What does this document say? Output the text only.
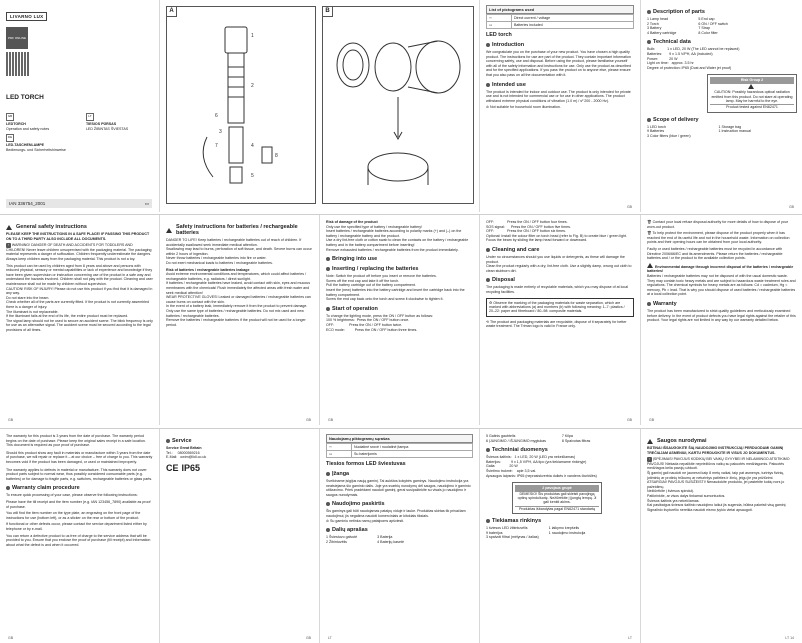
LIVARNO LUX
PDF ONLINE
LED TORCH
GB
LEDTORCH
Operation and safety notes
DE
LED-TASCHENLAMPE
Bedienungs- und Sicherheitshinweise
LT
TIESIOS PŪRSAS
LED ŽIBINTAS ŠVIESTAS
IAN 336754_2001	▭
A
1
2
4
5
7
8
6
3
B	List of pictograms used
⎓	Direct current / voltage
▭	Batteries included
LED torch
Introduction
We congratulate you on the purchase of your new product. You have chosen a high quality product. The instructions for use are part of the product. They contain important information concerning safety, use and disposal. Before using the product, please familiarise yourself with all of the safety information and instructions for use. Only use the product as described and for the specified applications. If you pass the product on to anyone else, please ensure that you also pass on all the documentation with it.
Intended use
The product is intended for indoor and outdoor use. The product is only intended for private use and is not intended for commercial use or for use in other applications. The product withstand extreme physical conditions of vibration (1.0 m) / s² 200 - 2000 Hz).
⊘ Not suitable for household room illumination.
GB
Description of parts
1 Lamp head
2 Torch
3 Battery
4 Battery cartridge
5 End cap
6 ON / OFF switch
7 Strap
8 Color filter
Technical data
Bulb:            1 x LED, 20 W (The LED cannot be replaced)
Batteries:       9 x 1.5 V/PH, AA (included)
Power:           20 W
Light on time:   approx. 3.5 hr
Degree of protection: IP65 (Dust and Water jet proof)
Risk Group 2
CAUTION: Possibly hazardous optical radiation emitted from this product. Do not stare at operating lamp. May be harmful to the eye.
Product tested against EN62471
Scope of delivery
1 LED torch
9 Batteries
3 Color filters (blue / green)
1 Storage bag
1 Instruction manual
GB
General safety instructions
PLEASE KEEP THE INSTRUCTIONS IN A SAFE PLACE! IF PASSING THIS PRODUCT ON TO A THIRD PARTY ALSO INCLUDE ALL DOCUMENTS.
! WARNING! DANGER OF DEATH AND ACCIDENTS FOR TODDLERS AND CHILDREN! Never leave children unsupervised with the packaging material. The packaging material represents a danger of suffocation. Children frequently underestimate the dangers. Always keep children away from the packaging material. This product is not a toy.
This product can be used by children aged from 8 years and above and persons with reduced physical, sensory or mental capabilities or lack of experience and knowledge if they have been given supervision or instruction concerning use of the product in a safe way and understand the hazards involved. Children shall not play with the product. Cleaning and user maintenance shall not be made by children without supervision.
CAUTION! RISK OF INJURY! Please do not use this product if you find that it is damaged in any way.
Do not stare into the beam.
Check whether all of the parts are currently fitted. If the product is not currently assembled there is a danger of injury.
The illuminant is not replaceable.
If the illuminant fails at the end of its life, the entire product must be replaced.
The signal lamp should not be used to secure an accident scene. The blink frequency is only for use as an alternative signal. The accident scene must be secured according to the legal provisions of all times.
GB
Safety instructions for batteries / rechargeable batteries
DANGER TO LIFE! Keep batteries / rechargeable batteries out of reach of children. If accidentally swallowed seek immediate medical attention.
Swallowing may lead to burns, perforation of soft tissue, and death. Severe burns can occur within 2 hours of ingestion.
Never throw batteries / rechargeable batteries into fire or water.
Do not exert mechanical loads to batteries / rechargeable batteries.
Risk of batteries / rechargeable batteries leakage
Avoid extreme environmental conditions and temperatures, which could affect batteries / rechargeable batteries, e.g. radiators / direct sunlight.
If batteries / rechargeable batteries have leaked, avoid contact with skin, eyes and mucous membranes with the chemicals! Flush immediately the affected areas with fresh water and seek medical attention!
WEAR PROTECTIVE GLOVES! Leaked or damaged batteries / rechargeable batteries can cause burns on contact with the skin.
In the event of a battery leak, immediately remove it from the product to prevent damage.
Only use the same type of batteries / rechargeable batteries. Do not mix used and new batteries / rechargeable batteries.
Remove the batteries / rechargeable batteries if the product will not be used for a longer period.
GB
Risk of damage of the product
Only use the specified type of battery / rechargeable battery!
Insert batteries / rechargeable batteries according to polarity marks (+) and (–) on the battery / rechargeable battery and the product.
Use a dry lint-free cloth or cotton swab to clean the contacts on the battery / rechargeable battery and in the battery compartment before inserting!
Remove exhausted batteries / rechargeable batteries from the product immediately.
Bringing into use
Inserting / replacing the batteries
Note: Switch the product off before you insert or remove the batteries.
Screw off the end cap and take it off the torch.
Pull the battery cartridge out of the battery compartment.
Insert the (new) batteries into the battery cartridge and insert the cartridge back into the battery compartment.
Screw the end cap back onto the torch and screw it clockwise to tighten it.
Start of operation
To change the lighting mode, press the ON / OFF button as follows:
100 % brightness:  Press the ON / OFF button once.
OFF:               Press the ON / OFF button twice.
ECO mode:          Press the ON / OFF button three times.
GB
OFF:             Press the ON / OFF button four times.
SOS signal:      Press the ON / OFF button five times.
OFF:             Press the ON / OFF button six times.
Optional: Install the colour filter on torch head (refer to Fig. B) to create blue / green light.
Focus the beam by sliding the lamp head forward or downward.
Cleaning and care
Under no circumstances should you use liquids or detergents, as these will damage the product.
Clean the product regularly with a dry, lint-free cloth. Use a slightly damp, wrung out cloth to clean stubborn dirt.
Disposal
The packaging is made entirely of recyclable materials, which you may dispose of at local recycling facilities.
♻ Observe the marking of the packaging materials for waste separation, which are marked with abbreviations (a) and numbers (b) with following meaning: 1–7: plastics / 20–22: paper and fibreboard / 80–98: composite materials.
⟲ The product and packaging materials are recyclable, dispose of it separately for better waste treatment. The Triman logo is valid in France only.
GB
🗑 Contact your local refuse disposal authority for more details of how to dispose of your worn-out product.
🗑 To help protect the environment, please dispose of the product properly when it has reached the end of its useful life and not in the household waste. Information on collection points and their opening hours can be obtained from your local authority.
Faulty or used batteries / rechargeable batteries must be recycled in accordance with Directive 2006/66/EC and its amendments. Please return the batteries / rechargeable batteries and / or the product to the available collection points.
Environmental damage through incorrect disposal of the batteries / rechargeable batteries!
Batteries / rechargeable batteries may not be disposed of with the usual domestic waste. They may contain toxic heavy metals and are subject to hazardous waste treatment rules and regulations. The chemical symbols for heavy metals are as follows: Cd = cadmium, Hg = mercury, Pb = lead. That is why you should dispose of used batteries / rechargeable batteries at a local collection point.
Warranty
The product has been manufactured to strict quality guidelines and meticulously examined before delivery. In the event of product defects you have legal rights against the retailer of this product. Your legal rights are not limited in any way by our warranty detailed below.
GB
The warranty for this product is 3 years from the date of purchase. The warranty period begins on the date of purchase. Please keep the original sales receipt in a safe location. This document is required as your proof of purchase.
Should this product show any fault in materials or manufacture within 3 years from the date of purchase, we will repair or replace it – at our choice – free of charge to you. This warranty becomes void if the product has been damaged, or used or maintained improperly.
The warranty applies to defects in material or manufacture. This warranty does not cover product parts subject to normal wear, thus possibly considered consumable parts (e.g. batteries) or for damage to fragile parts, e.g. switches, rechargeable batteries or glass parts.
Warranty claim procedure
To ensure quick processing of your case, please observe the following instructions:
Please have the till receipt and the item number (e.g. IAN 123456_7890) available as proof of purchase.
You will find the item number on the type plate, an engraving on the front page of the instructions for use (bottom left), or as a sticker on the rear or bottom of the product.
If functional or other defects occur, please contact the service department listed either by telephone or by e-mail.
You can return a defective product to us free of charge to the service address that will be provided to you. Ensure that you enclose the proof of purchase (till receipt) and information about what the defect is and when it occurred.
GB
Service
Service Great Britain
Tel.:     08000569216
E-Mail:   owim@lidl.co.uk
CE IP65
GB
Naudojamų piktogramų sąrašas
⎓	Nuolatinė srovė / nuolatinė įtampa
▭	Su baterijomis
Tiesios formos LED šviestuvas
Įžanga
Sveikiname įsigijus naują gaminį. Tai aukštos kokybės gaminys. Naudojimo instrukcija yra neatsiejama šio gaminio dalis. Joje yra svarbių nurodymų dėl saugos, naudojimo ir gaminio utilizavimo. Prieš pradėdami naudoti gaminį, gerai susipažinkite su visais jo naudojimo ir saugos nurodymais.
Naudojimo paskirtis
Šis gaminys gali būti naudojamas patalpų viduje ir lauke. Produktas skirtas tik privačiam naudojimui, jis negalima naudoti komerciniais ar kitokiais tikslais.
⊘ Su gaminiu netinka namų patalpoms apšviesti.
Dalių aprašas
1 Šviestuvo galvutė
2 Žibintuvėlis
3 Baterija
4 Baterijų kasetė
LT
5 Galinis gaubtelis
6 ĮJUNGIMO / IŠJUNGIMO mygtukas
7 Kilpa
8 Spalvotas filtras
Techniniai duomenys
Šviesos šaltinis:   1 x LED, 20 W (LED yra nekeičiamas)
Baterijos:          9 x 1,5 V/PH, AA tipo (yra tiekiamame rinkinyje)
Galia:              20 W
Švietimo trukmė:    apie 3,5 val.
Apsaugos laipsnis: IP65 (neprasiskverbia dulkės ir vandens čiurkšlės)
2 pavojaus grupė
DĖMESIO! Šis produktas gali skleisti pavojingą optinę spinduliuotę. Nežiūrėkite į įjungtą lempą. Ji gali kenkti akims.
Produktas išbandytas pagal EN62471 standartą
Tiekiamas rinkinys
1 šviesos LED žibintuvėlis
9 baterijos
3 spalvoti filtrai (mėlynas / žalias)
1 laikymo krepšelis
1 naudojimo instrukcija
LT
Saugos nurodymai
BŪTINAI IŠSAUGOKITE ŠIĄ NAUDOJIMO INSTRUKCIJĄ! PERDUODAMI GAMINĮ TREČIAJAM ASMENIUI, KARTU PERDUOKITE IR VISUS JO DOKUMENTUS.
! ĮSPĖJIMAS! PAVOJUS KŪDIKIŲ BEI VAIKŲ GYVYBEI IR NELAIMINGO ATSITIKIMO PAVOJUS! Niekada nepalikite nepriežiūros vaikų su pakuotės medžiagomis. Pakuotės medžiagos kelia pavojų užduoti.
Šį gaminį gali naudoti ne jaunesni kaip 8 metų vaikai, taip pat asmenys, turintys fizinių, jutiminių ar protinių trūkumų ar neturintys patirties ir žinių, jeigu jie yra prižiūrimi.
ATSARGIAI! PAVOJUS SUSIŽEISTI! Nenaudokite produkto, jei pastebite kokių nors jo pažeidimų.
Nežiūrėkite į šviesos spindulį.
Patikrinkite, ar visos dalys tinkamai sumontuotos.
Šviesos šaltinis yra nekeičiamas.
Kai pasibaigus šviesos šaltinio naudojimo laikui jis sugenda, būtina pakeisti visą gaminį.
Signalinio švyturėlio nereikia naudoti eismo įvykio vietai apsaugoti.
LT 14
